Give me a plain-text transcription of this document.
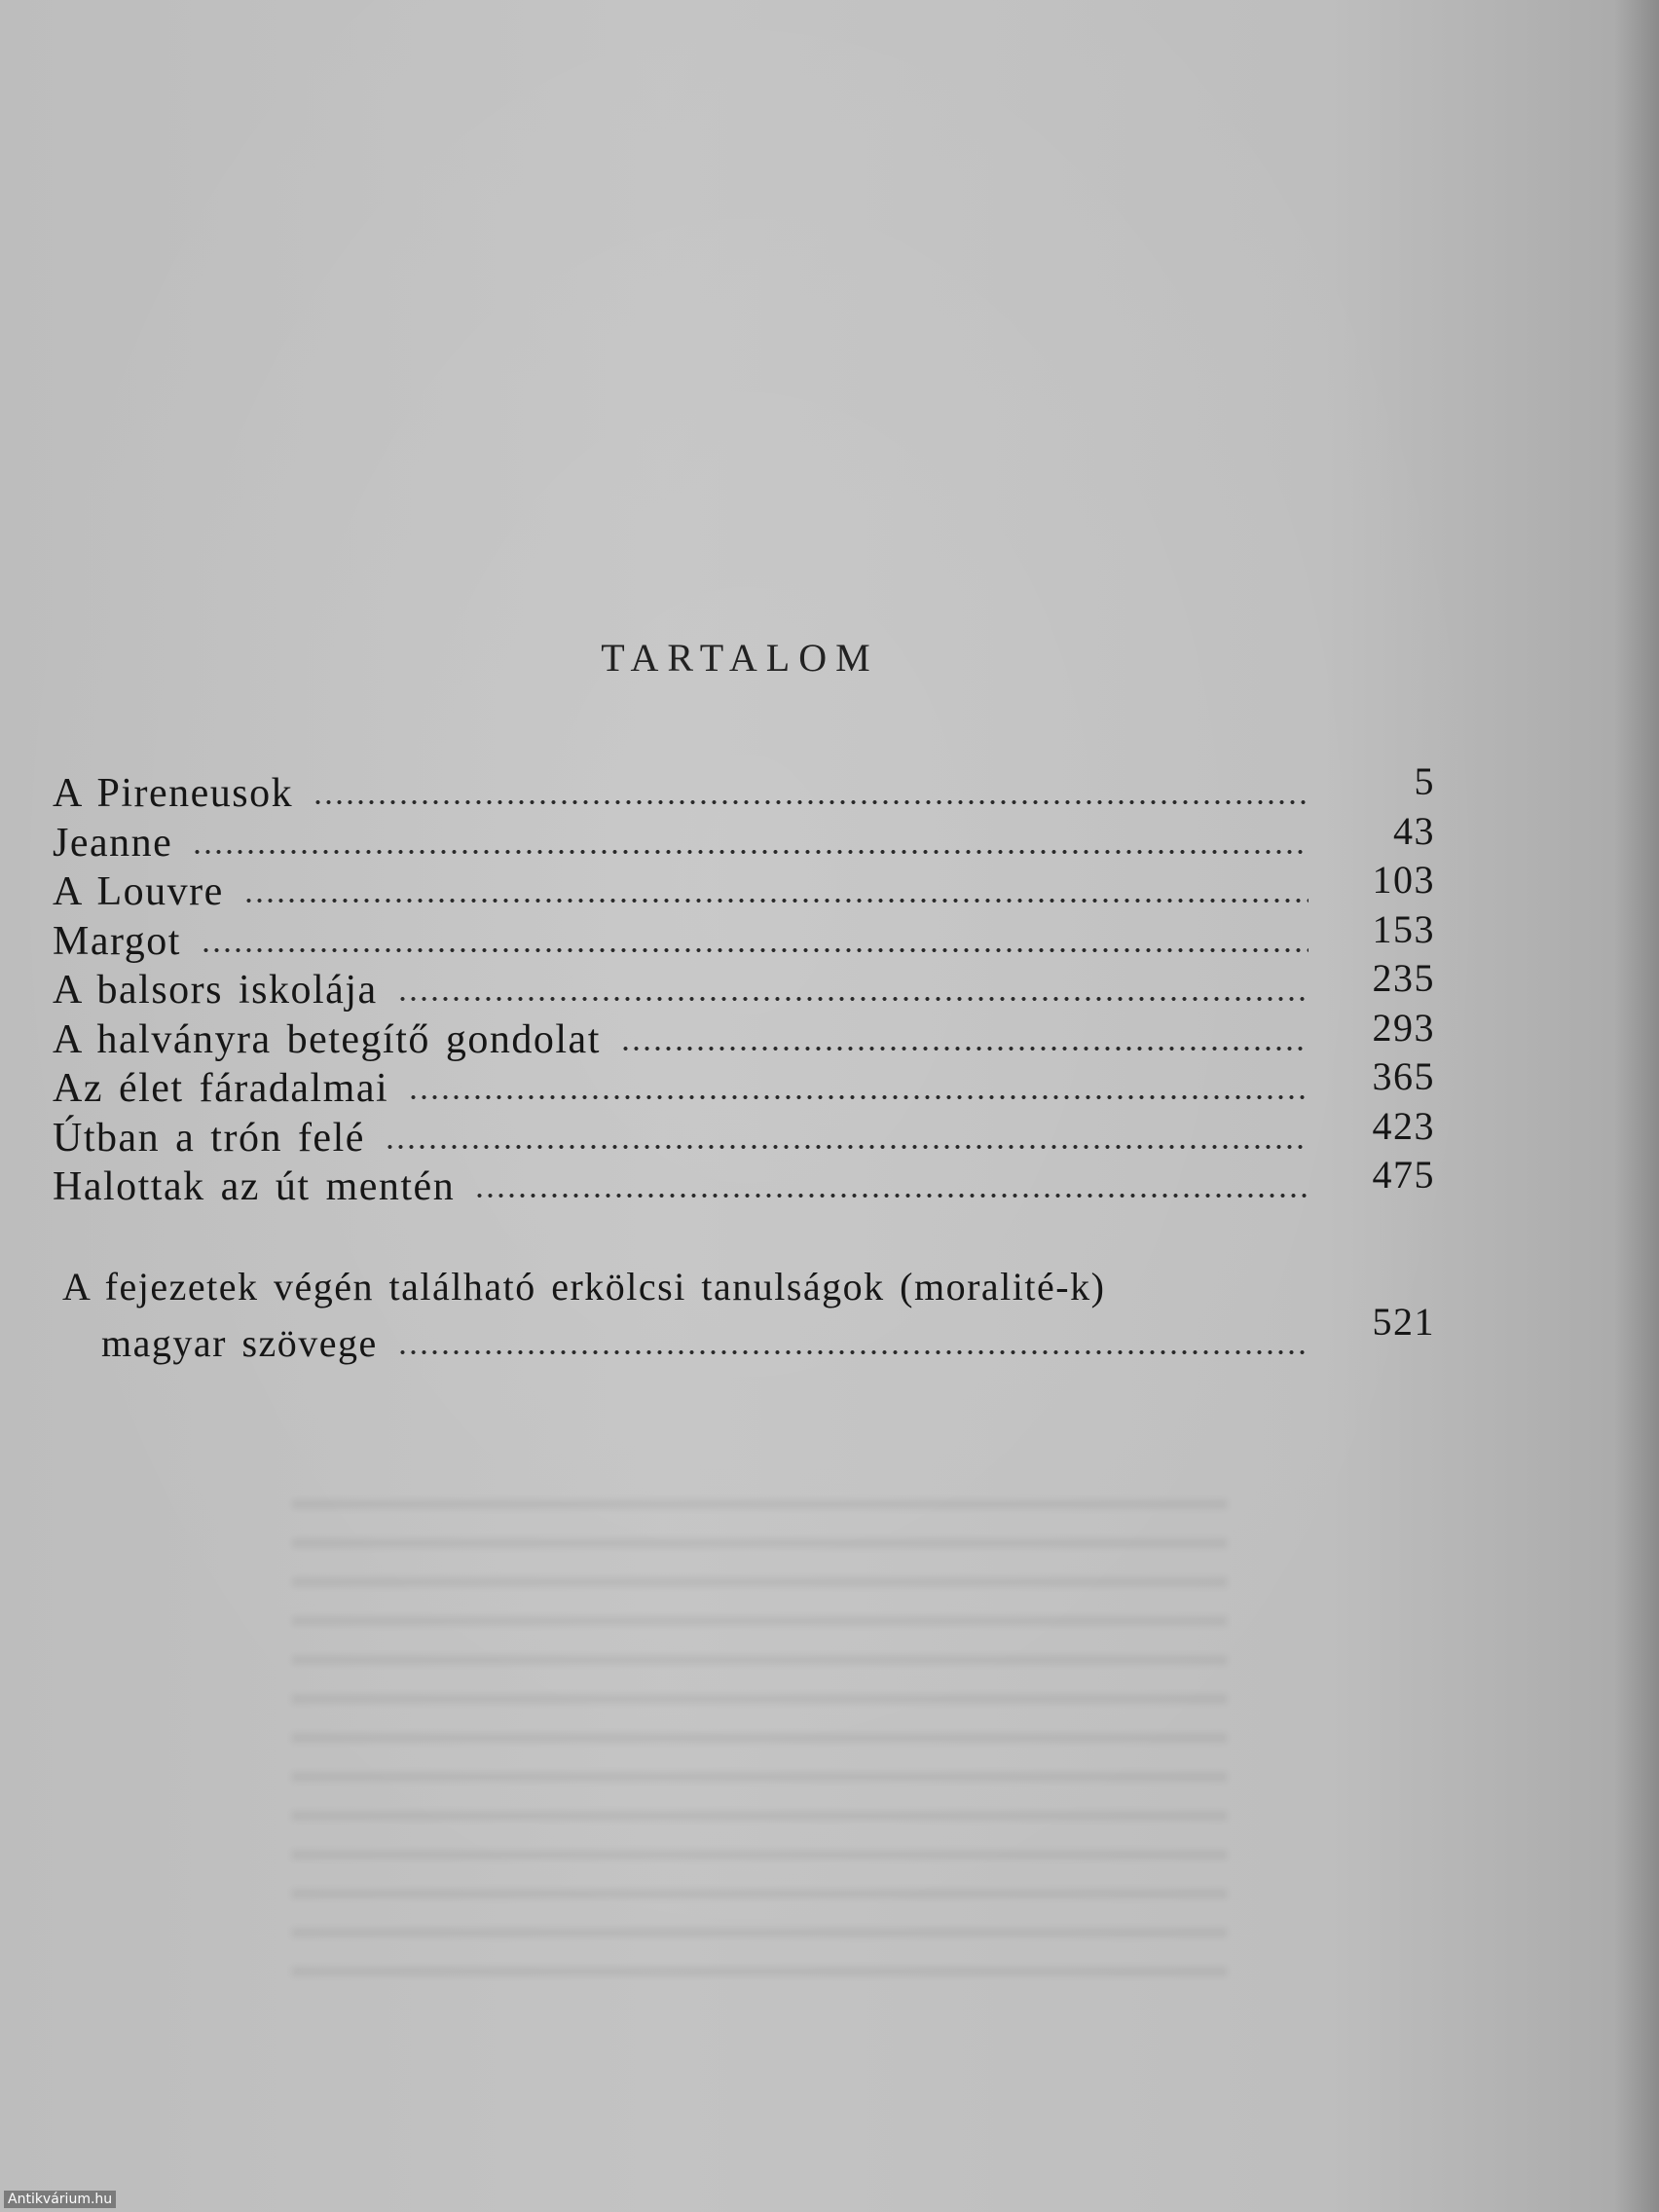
TARTALOM
A Pireneusok	5
Jeanne	43
A Louvre	103
Margot	153
A balsors iskolája	235
A halványra betegítő gondolat	293
Az élet fáradalmai	365
Útban a trón felé	423
Halottak az út mentén	475
A fejezetek végén található erkölcsi tanulságok (moralité-k)
magyar szövege	521
Antikvárium.hu
